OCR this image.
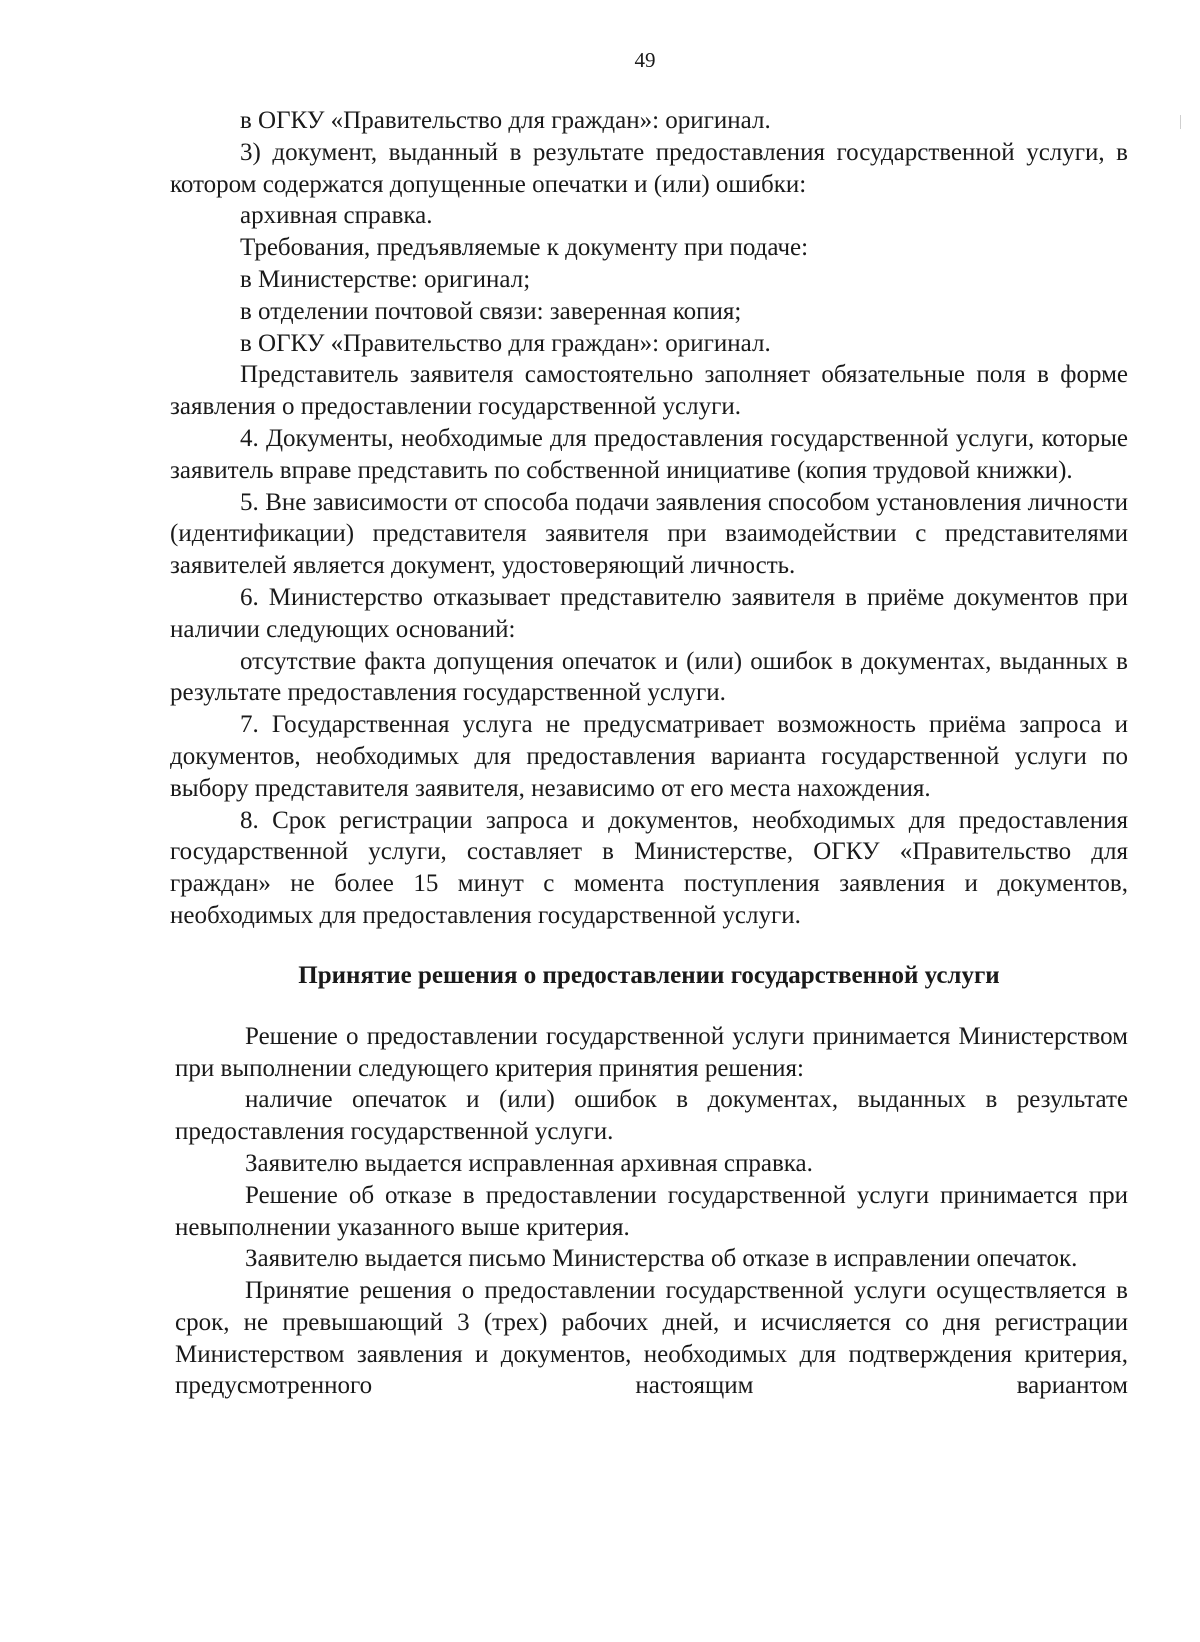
49

в ОГКУ «Правительство для граждан»: оригинал.

3) документ, выданный в результате предоставления государственной услуги, в котором содержатся допущенные опечатки и (или) ошибки:

архивная справка.

Требования, предъявляемые к документу при подаче:

в Министерстве: оригинал;

в отделении почтовой связи: заверенная копия;

в ОГКУ «Правительство для граждан»: оригинал.

Представитель заявителя самостоятельно заполняет обязательные поля в форме заявления о предоставлении государственной услуги.

4. Документы, необходимые для предоставления государственной услуги, которые заявитель вправе представить по собственной инициативе (копия трудовой книжки).

5. Вне зависимости от способа подачи заявления способом установления личности (идентификации) представителя заявителя при взаимодействии с представителями заявителей является документ, удостоверяющий личность.

6. Министерство отказывает представителю заявителя в приёме документов при наличии следующих оснований:

отсутствие факта допущения опечаток и (или) ошибок в документах, выданных в результате предоставления государственной услуги.

7. Государственная услуга не предусматривает возможность приёма запроса и документов, необходимых для предоставления варианта государственной услуги по выбору представителя заявителя, независимо от его места нахождения.

8. Срок регистрации запроса и документов, необходимых для предоставления государственной услуги, составляет в Министерстве, ОГКУ «Правительство для граждан» не более 15 минут с момента поступления заявления и документов, необходимых для предоставления государственной услуги.

Принятие решения о предоставлении государственной услуги

Решение о предоставлении государственной услуги принимается Министерством при выполнении следующего критерия принятия решения:

наличие опечаток и (или) ошибок в документах, выданных в результате предоставления государственной услуги.

Заявителю выдается исправленная архивная справка.

Решение об отказе в предоставлении государственной услуги принимается при невыполнении указанного выше критерия.

Заявителю выдается письмо Министерства об отказе в исправлении опечаток.

Принятие решения о предоставлении государственной услуги осуществляется в срок, не превышающий 3 (трех) рабочих дней, и исчисляется со дня регистрации Министерством заявления и документов, необходимых для подтверждения критерия, предусмотренного настоящим вариантом
